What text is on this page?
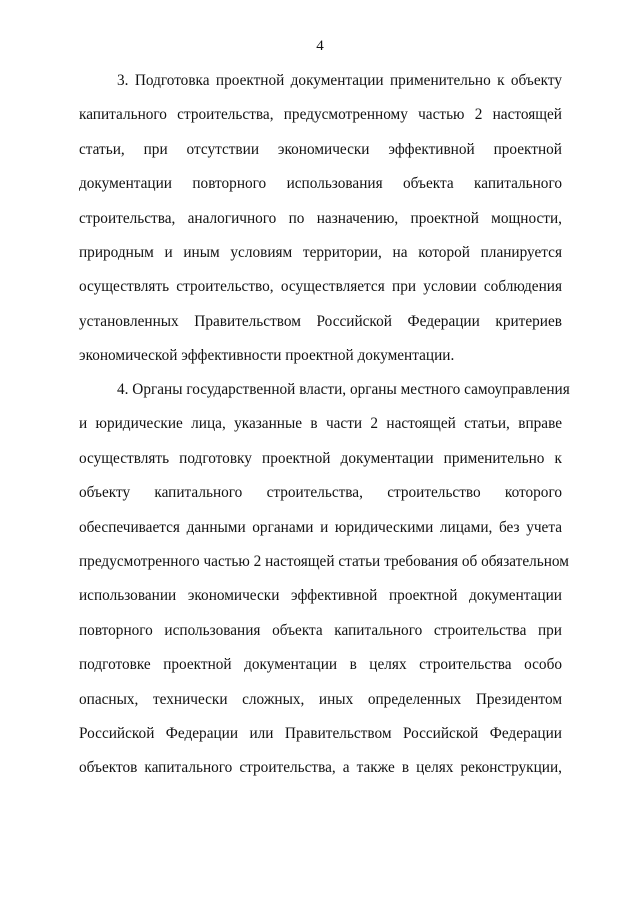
4
3. Подготовка проектной документации применительно к объекту
капитального строительства, предусмотренному частью 2 настоящей
статьи, при отсутствии экономически эффективной проектной
документации повторного использования объекта капитального
строительства, аналогичного по назначению, проектной мощности,
природным и иным условиям территории, на которой планируется
осуществлять строительство, осуществляется при условии соблюдения
установленных Правительством Российской Федерации критериев
экономической эффективности проектной документации.
4. Органы государственной власти, органы местного самоуправления
и юридические лица, указанные в части 2 настоящей статьи, вправе
осуществлять подготовку проектной документации применительно к
объекту капитального строительства, строительство которого
обеспечивается данными органами и юридическими лицами, без учета
предусмотренного частью 2 настоящей статьи требования об обязательном
использовании экономически эффективной проектной документации
повторного использования объекта капитального строительства при
подготовке проектной документации в целях строительства особо
опасных, технически сложных, иных определенных Президентом
Российской Федерации или Правительством Российской Федерации
объектов капитального строительства, а также в целях реконструкции,
